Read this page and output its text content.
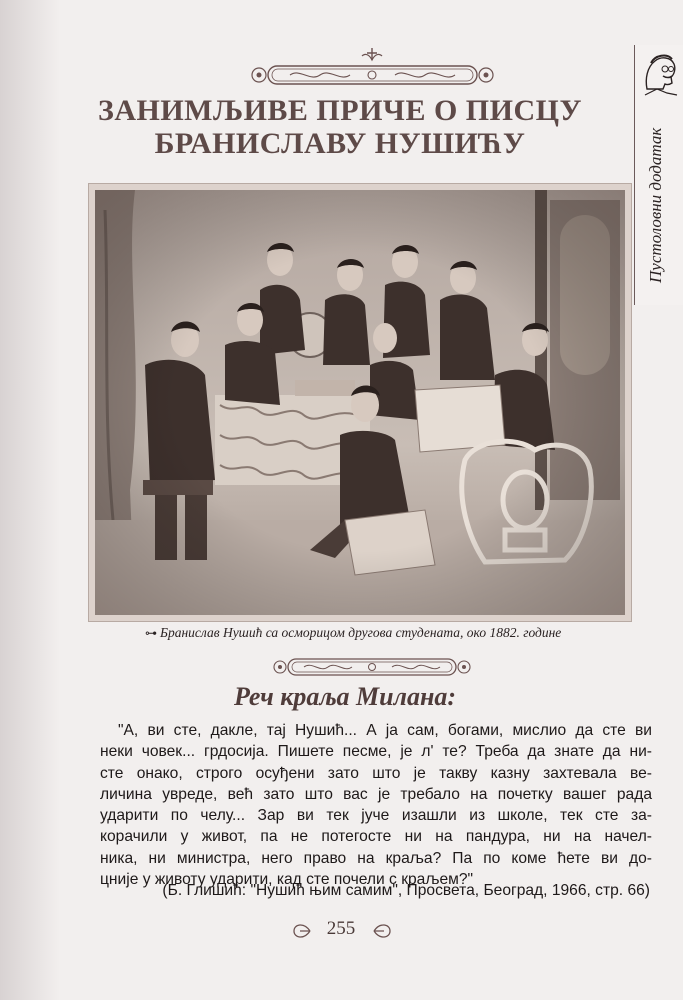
Пустоловни додатак
ЗАНИМЉИВЕ ПРИЧЕ О ПИСЦУ
БРАНИСЛАВУ НУШИЋУ
⊶ Бранислав Нушић са осморицом другова студената, око 1882. године
Реч краља Милана:
"А, ви сте, дакле, тај Нушић... А ја сам, богами, мислио да сте ви
неки човек... грдосија. Пишете песме, је л' те? Треба да знате да ни-
сте онако, строго осуђени зато што је такву казну захтевала ве-
личина увреде, већ зато што вас је требало на почетку вашег рада
ударити по челу... Зар ви тек јуче изашли из школе, тек сте за-
корачили у живот, па не потегосте ни на пандура, ни на начел-
ника, ни министра, него право на краља? Па по коме ћете ви до-
цније у животу ударити, кад сте почели с краљем?"
(Б. Глишић: "Нушић њим самим", Просвета, Београд, 1966, стр. 66)
255
